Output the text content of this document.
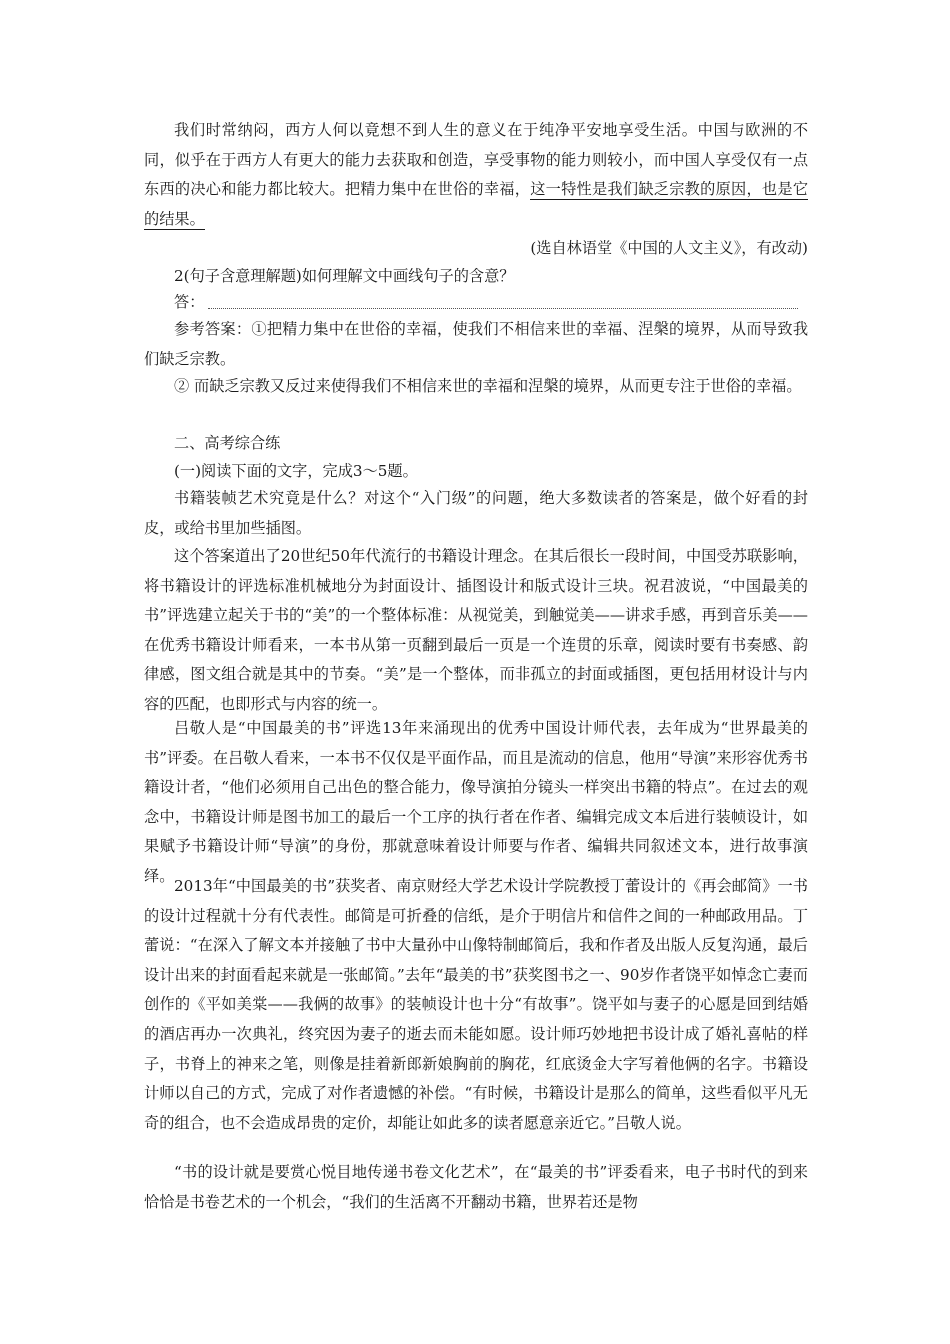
我们时常纳闷，西方人何以竟想不到人生的意义在于纯净平安地享受生活。中国与欧洲的不同，似乎在于西方人有更大的能力去获取和创造，享受事物的能力则较小，而中国人享受仅有一点东西的决心和能力都比较大。把精力集中在世俗的幸福，这一特性是我们缺乏宗教的原因，也是它的结果。

(选自林语堂《中国的人文主义》，有改动)

2(句子含意理解题)如何理解文中画线句子的含意？

答：

参考答案：①把精力集中在世俗的幸福，使我们不相信来世的幸福、涅槃的境界，从而导致我们缺乏宗教。

② 而缺乏宗教又反过来使得我们不相信来世的幸福和涅槃的境界，从而更专注于世俗的幸福。

二、高考综合练

(一)阅读下面的文字，完成3～5题。

书籍装帧艺术究竟是什么？对这个“入门级”的问题，绝大多数读者的答案是，做个好看的封皮，或给书里加些插图。

这个答案道出了20世纪50年代流行的书籍设计理念。在其后很长一段时间，中国受苏联影响，将书籍设计的评选标准机械地分为封面设计、插图设计和版式设计三块。祝君波说，“中国最美的书”评选建立起关于书的“美”的一个整体标准：从视觉美，到触觉美——讲求手感，再到音乐美——在优秀书籍设计师看来，一本书从第一页翻到最后一页是一个连贯的乐章，阅读时要有书奏感、韵律感，图文组合就是其中的节奏。“美”是一个整体，而非孤立的封面或插图，更包括用材设计与内容的匹配，也即形式与内容的统一。

吕敬人是“中国最美的书”评选13年来涌现出的优秀中国设计师代表，去年成为“世界最美的书”评委。在吕敬人看来，一本书不仅仅是平面作品，而且是流动的信息，他用“导演”来形容优秀书籍设计者，“他们必须用自己出色的整合能力，像导演拍分镜头一样突出书籍的特点”。在过去的观念中，书籍设计师是图书加工的最后一个工序的执行者在作者、编辑完成文本后进行装帧设计，如果赋予书籍设计师“导演”的身份，那就意味着设计师要与作者、编辑共同叙述文本，进行故事演绎。

2013年“中国最美的书”获奖者、南京财经大学艺术设计学院教授丁蕾设计的《再会邮简》一书的设计过程就十分有代表性。邮简是可折叠的信纸，是介于明信片和信件之间的一种邮政用品。丁蕾说：“在深入了解文本并接触了书中大量孙中山像特制邮简后，我和作者及出版人反复沟通，最后设计出来的封面看起来就是一张邮简。”去年“最美的书”获奖图书之一、90岁作者饶平如悼念亡妻而创作的《平如美棠——我俩的故事》的装帧设计也十分“有故事”。饶平如与妻子的心愿是回到结婚的酒店再办一次典礼，终究因为妻子的逝去而未能如愿。设计师巧妙地把书设计成了婚礼喜帖的样子，书脊上的神来之笔，则像是挂着新郎新娘胸前的胸花，红底烫金大字写着他俩的名字。书籍设计师以自己的方式，完成了对作者遗憾的补偿。“有时候，书籍设计是那么的简单，这些看似平凡无奇的组合，也不会造成昂贵的定价，却能让如此多的读者愿意亲近它。”吕敬人说。

“书的设计就是要赏心悦目地传递书卷文化艺术”，在“最美的书”评委看来，电子书时代的到来恰恰是书卷艺术的一个机会，“我们的生活离不开翻动书籍，世界若还是物
